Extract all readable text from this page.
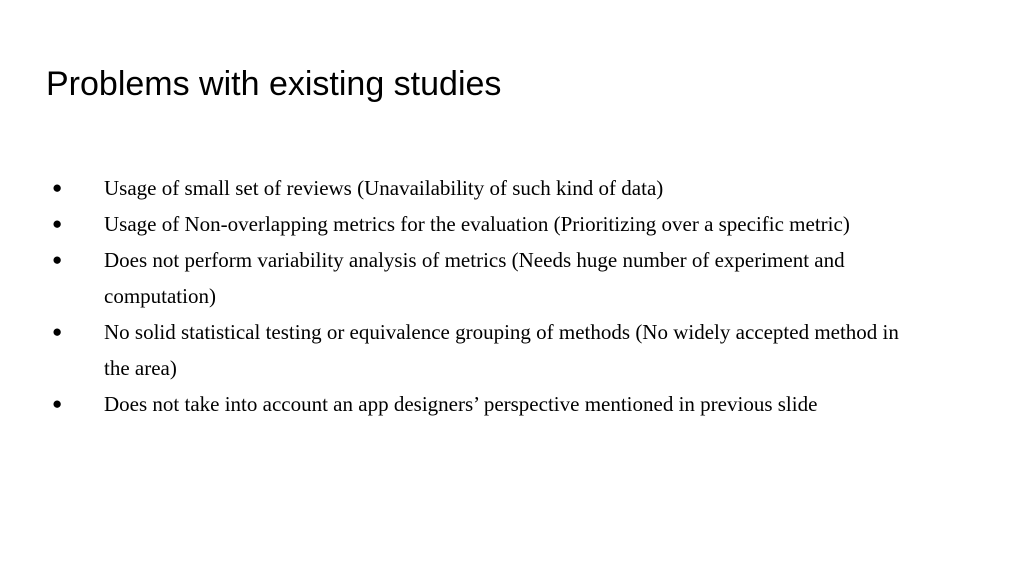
Problems with existing studies
● Usage of small set of reviews (Unavailability of such kind of data)
● Usage of Non-overlapping metrics for the evaluation (Prioritizing over a specific metric)
● Does not perform variability analysis of metrics (Needs huge number of experiment and computation)
● No solid statistical testing or equivalence grouping of methods (No widely accepted method in the area)
● Does not take into account an app designers’ perspective mentioned in previous slide
